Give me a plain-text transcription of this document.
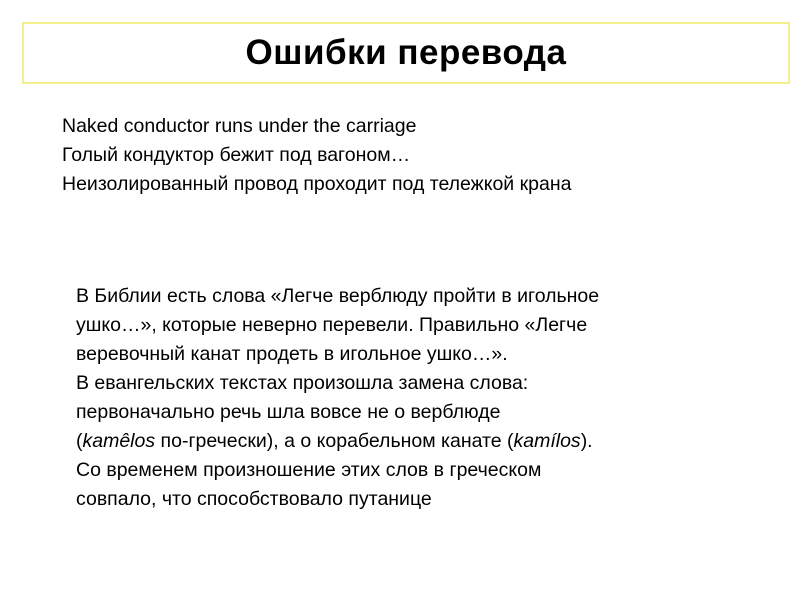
Ошибки перевода
Naked conductor runs under the carriage
Голый кондуктор бежит под вагоном…
Неизолированный провод проходит под тележкой крана

В Библии есть слова «Легче верблюду пройти в игольное

ушко…», которые неверно перевели. Правильно «Легче

веревочный канат продеть в игольное ушко…».

В евангельских текстах произошла замена слова:

первоначально речь шла вовсе не о верблюде

(kamêlos по-гречески), а о корабельном канате (kamílos).

Со временем произношение этих слов в греческом

совпало, что способствовало путанице
